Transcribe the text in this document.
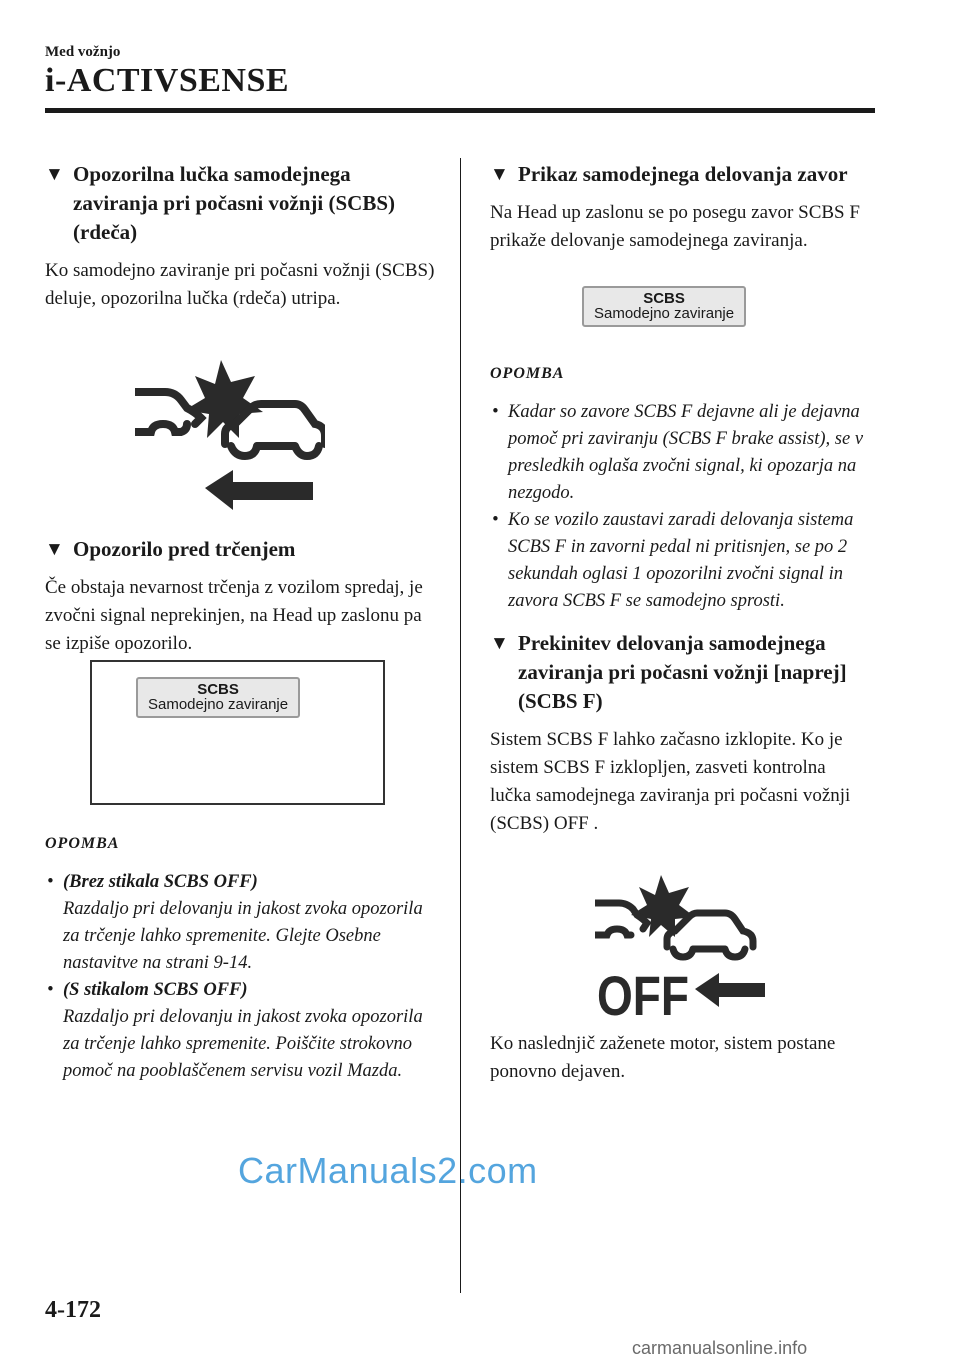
Med vožnjo
i-ACTIVSENSE
▼ Opozorilna lučka samodejnega zaviranja pri počasni vožnji (SCBS) (rdeča)
Ko samodejno zaviranje pri počasni vožnji (SCBS) deluje, opozorilna lučka (rdeča) utripa.
▼ Opozorilo pred trčenjem
Če obstaja nevarnost trčenja z vozilom spredaj, je zvočni signal neprekinjen, na Head up zaslonu pa se izpiše opozorilo.
SCBS
Samodejno zaviranje
OPOMBA
• (Brez stikala SCBS OFF)
Razdaljo pri delovanju in jakost zvoka opozorila za trčenje lahko spremenite. Glejte Osebne nastavitve na strani 9-14.
• (S stikalom SCBS OFF)
Razdaljo pri delovanju in jakost zvoka opozorila za trčenje lahko spremenite. Poiščite strokovno pomoč na pooblaščenem servisu vozil Mazda.
▼ Prikaz samodejnega delovanja zavor
Na Head up zaslonu se po posegu zavor SCBS F prikaže delovanje samodejnega zaviranja.
SCBS
Samodejno zaviranje
OPOMBA
• Kadar so zavore SCBS F dejavne ali je dejavna pomoč pri zaviranju (SCBS F brake assist), se v presledkih oglaša zvočni signal, ki opozarja na nezgodo.
• Ko se vozilo zaustavi zaradi delovanja sistema SCBS F in zavorni pedal ni pritisnjen, se po 2 sekundah oglasi 1 opozorilni zvočni signal in zavora SCBS F se samodejno sprosti.
▼ Prekinitev delovanja samodejnega zaviranja pri počasni vožnji [naprej] (SCBS F)
Sistem SCBS F lahko začasno izklopite. Ko je sistem SCBS F izklopljen, zasveti kontrolna lučka samodejnega zaviranja pri počasni vožnji (SCBS) OFF .
OFF
Ko naslednjič zaženete motor, sistem postane ponovno dejaven.
CarManuals2.com
4-172
carmanualsonline.info
